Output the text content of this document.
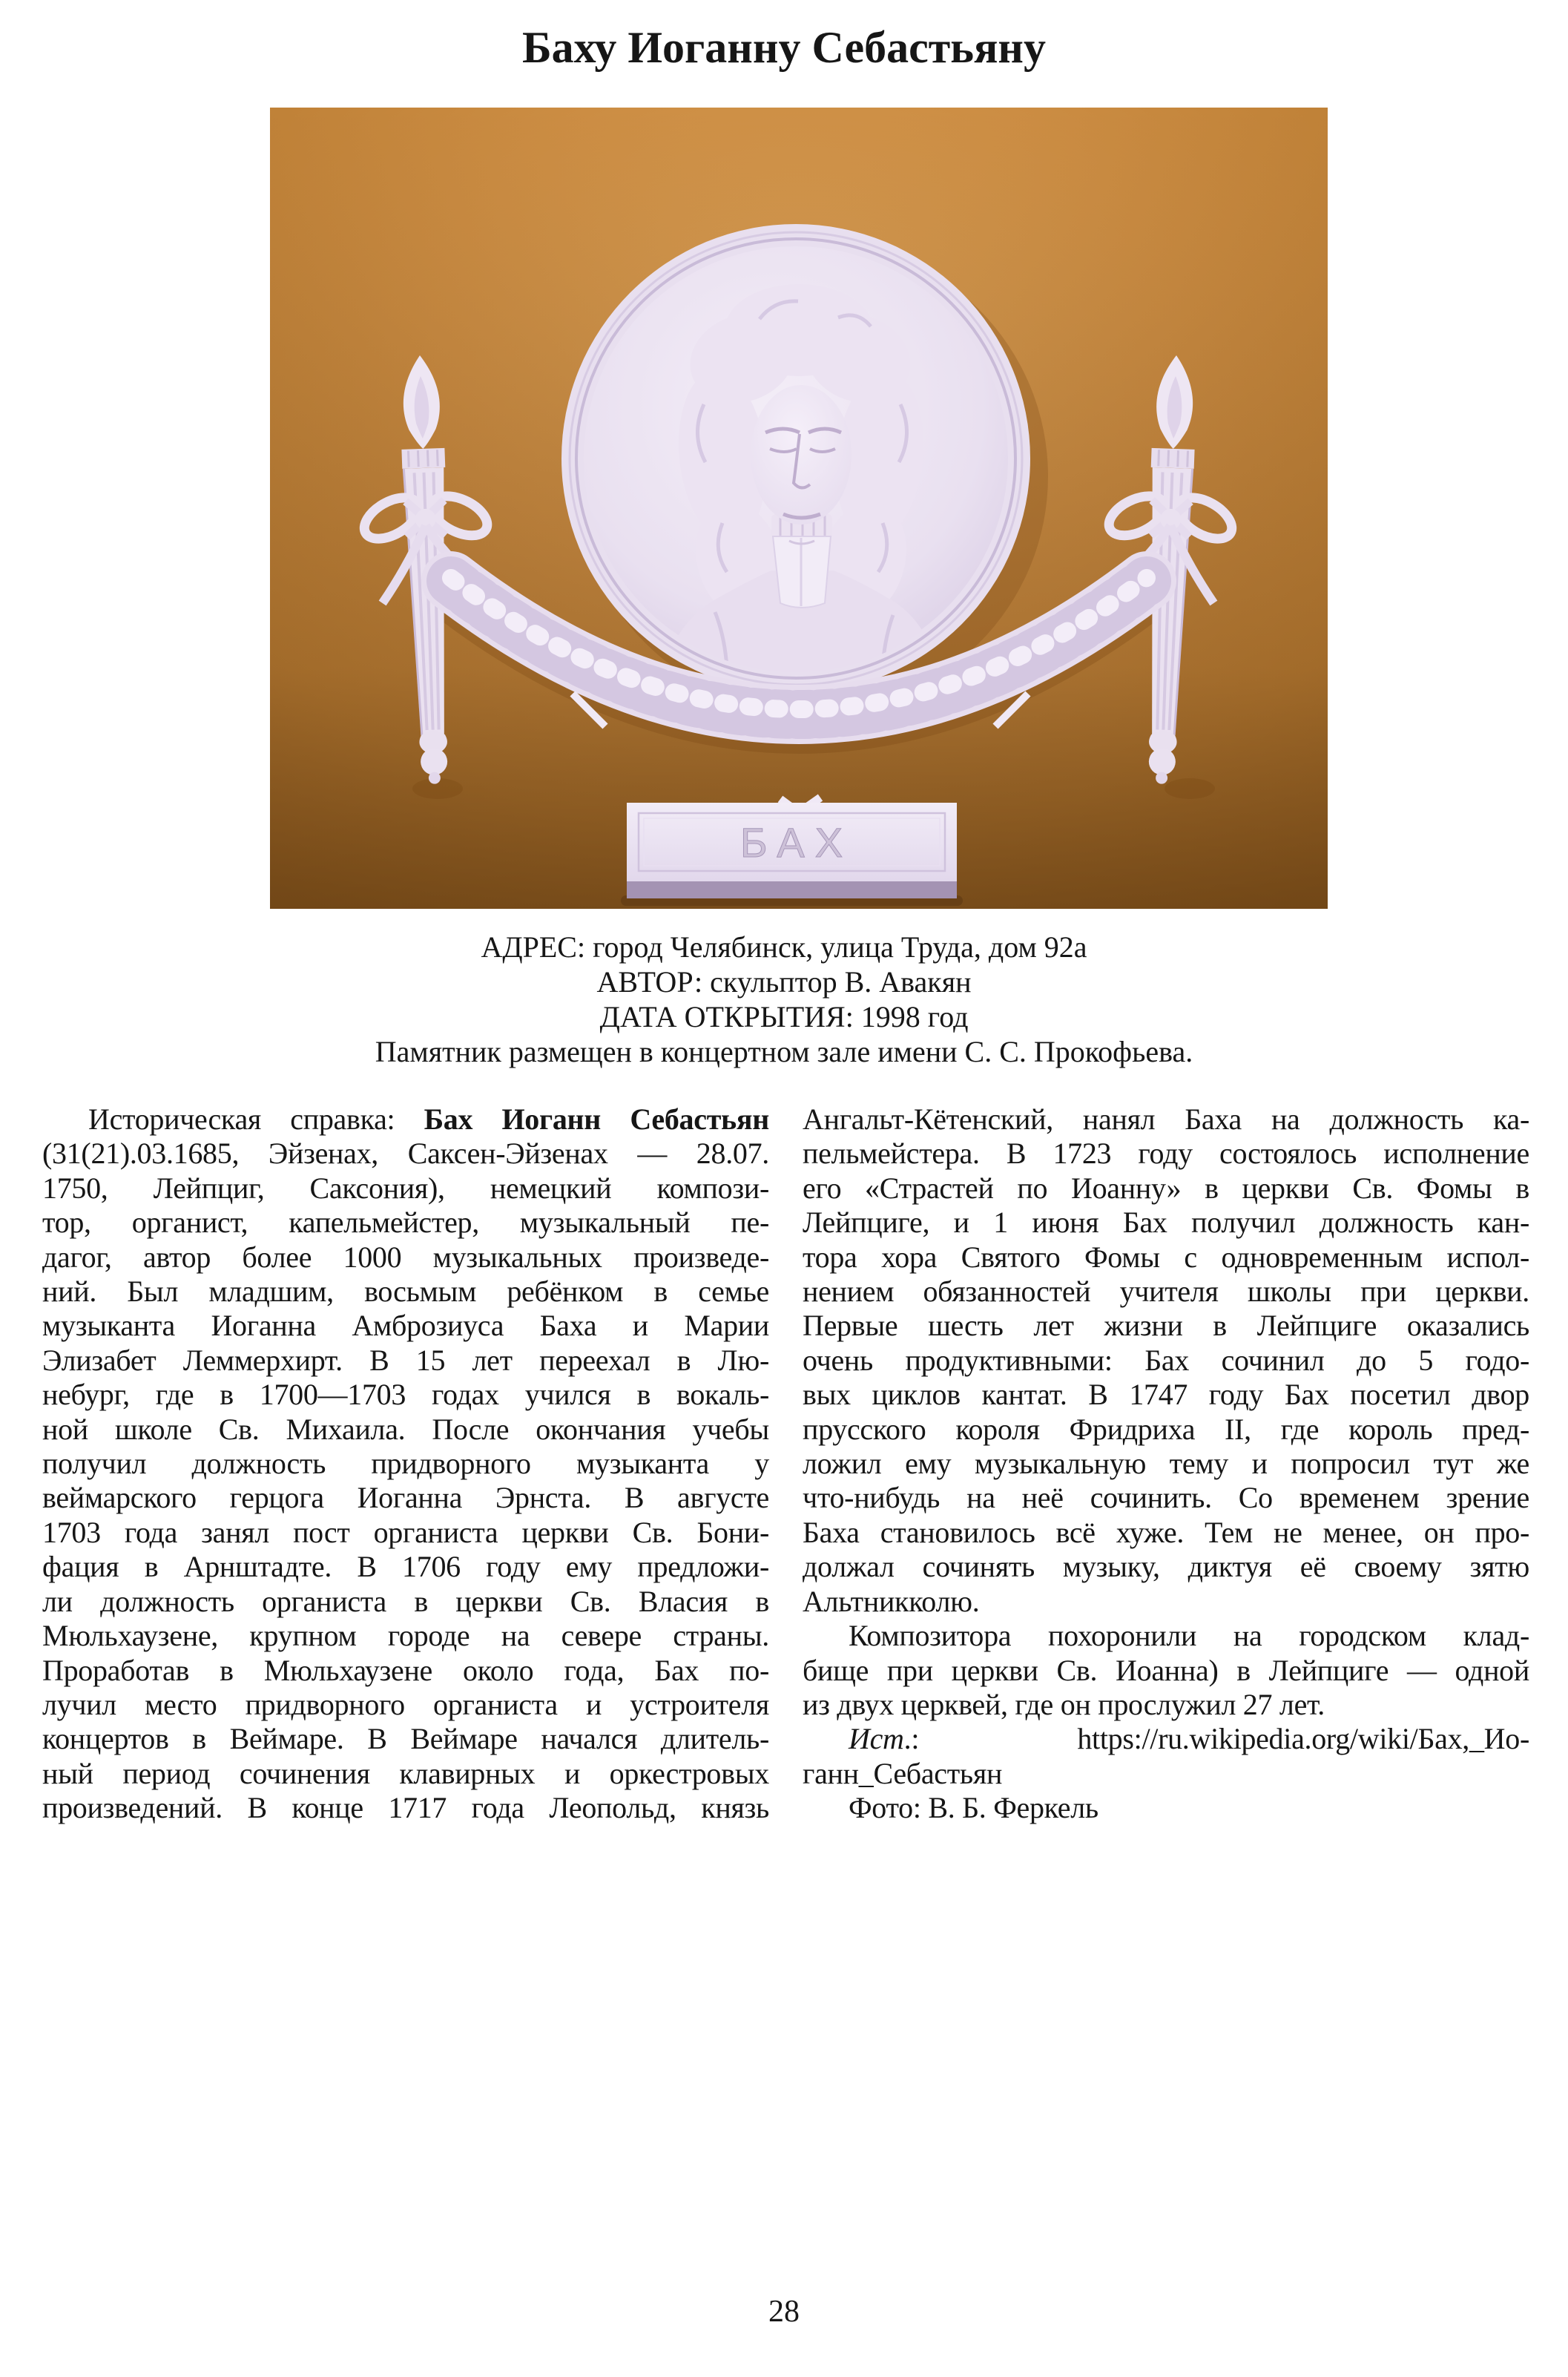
Баху Иоганну Себастьяну
БАХ
АДРЕС: город Челябинск, улица Труда, дом 92а
АВТОР: скульптор В. Авакян
ДАТА ОТКРЫТИЯ: 1998 год
Памятник размещен в концертном зале имени С. С. Прокофьева.
Историческая справка: Бах Иоганн Себастьян
(31(21).03.1685, Эйзенах, Саксен-Эйзенах — 28.07.
1750, Лейпциг, Саксония), немецкий компози-
тор, органист, капельмейстер, музыкальный пе-
дагог, автор более 1000 музыкальных произведе-
ний. Был младшим, восьмым ребёнком в семье
музыканта Иоганна Амброзиуса Баха и Марии
Элизабет Леммерхирт. В 15 лет переехал в Лю-
небург, где в 1700—1703 годах учился в вокаль-
ной школе Св. Михаила. После окончания учебы
получил должность придворного музыканта у
веймарского герцога Иоганна Эрнста. В августе
1703 года занял пост органиста церкви Св. Бони-
фация в Арнштадте. В 1706 году ему предложи-
ли должность органиста в церкви Св. Власия в
Мюльхаузене, крупном городе на севере страны.
Проработав в Мюльхаузене около года, Бах по-
лучил место придворного органиста и устроителя
концертов в Веймаре. В Веймаре начался длитель-
ный период сочинения клавирных и оркестровых
произведений. В конце 1717 года Леопольд, князь
Ангальт-Кётенский, нанял Баха на должность ка-
пельмейстера. В 1723 году состоялось исполнение
его «Страстей по Иоанну» в церкви Св. Фомы в
Лейпциге, и 1 июня Бах получил должность кан-
тора хора Святого Фомы с одновременным испол-
нением обязанностей учителя школы при церкви.
Первые шесть лет жизни в Лейпциге оказались
очень продуктивными: Бах сочинил до 5 годо-
вых циклов кантат. В 1747 году Бах посетил двор
прусского короля Фридриха II, где король пред-
ложил ему музыкальную тему и попросил тут же
что-нибудь на неё сочинить. Со временем зрение
Баха становилось всё хуже. Тем не менее, он про-
должал сочинять музыку, диктуя её своему зятю
Альтникколю.
Композитора похоронили на городском клад-
бище при церкви Св. Иоанна) в Лейпциге — одной
из двух церквей, где он прослужил 27 лет.
Ист.: https://ru.wikipedia.org/wiki/Бах,_Ио-
ганн_Себастьян
Фото: В. Б. Феркель
28
